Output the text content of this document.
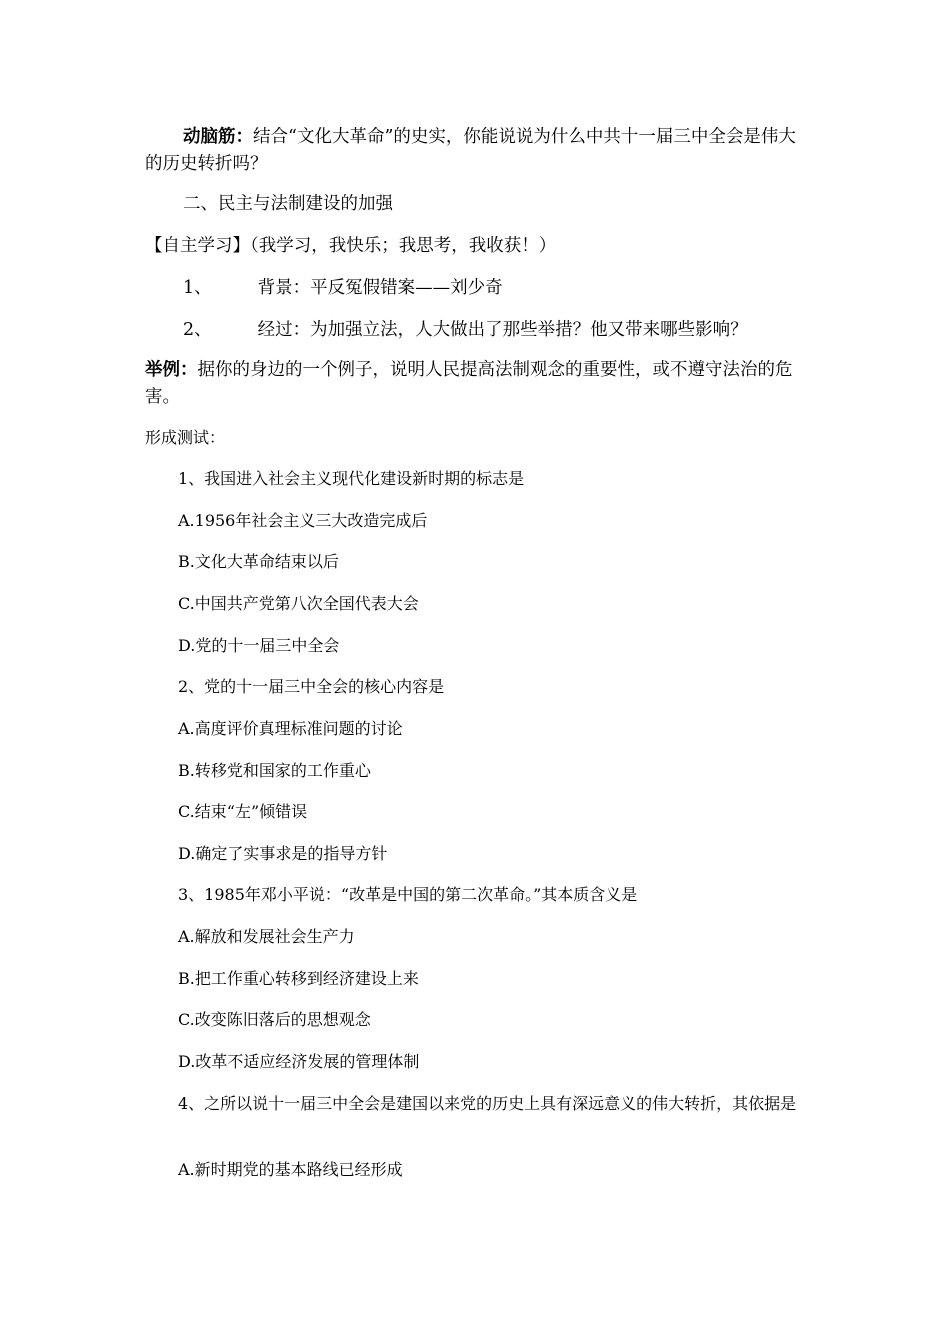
动脑筋：结合“文化大革命”的史实，你能说说为什么中共十一届三中全会是伟大的历史转折吗？
二、民主与法制建设的加强
【自主学习】（我学习，我快乐；我思考，我收获！）
1、	背景：平反冤假错案——刘少奇
2、	经过：为加强立法，人大做出了那些举措？他又带来哪些影响？
举例：据你的身边的一个例子，说明人民提高法制观念的重要性，或不遵守法治的危害。
形成测试：
1、我国进入社会主义现代化建设新时期的标志是
A.1956年社会主义三大改造完成后
B.文化大革命结束以后
C.中国共产党第八次全国代表大会
D.党的十一届三中全会
2、党的十一届三中全会的核心内容是
A.高度评价真理标准问题的讨论
B.转移党和国家的工作重心
C.结束“左”倾错误
D.确定了实事求是的指导方针
3、1985年邓小平说：“改革是中国的第二次革命。”其本质含义是
A.解放和发展社会生产力
B.把工作重心转移到经济建设上来
C.改变陈旧落后的思想观念
D.改革不适应经济发展的管理体制
4、之所以说十一届三中全会是建国以来党的历史上具有深远意义的伟大转折，其依据是
A.新时期党的基本路线已经形成
